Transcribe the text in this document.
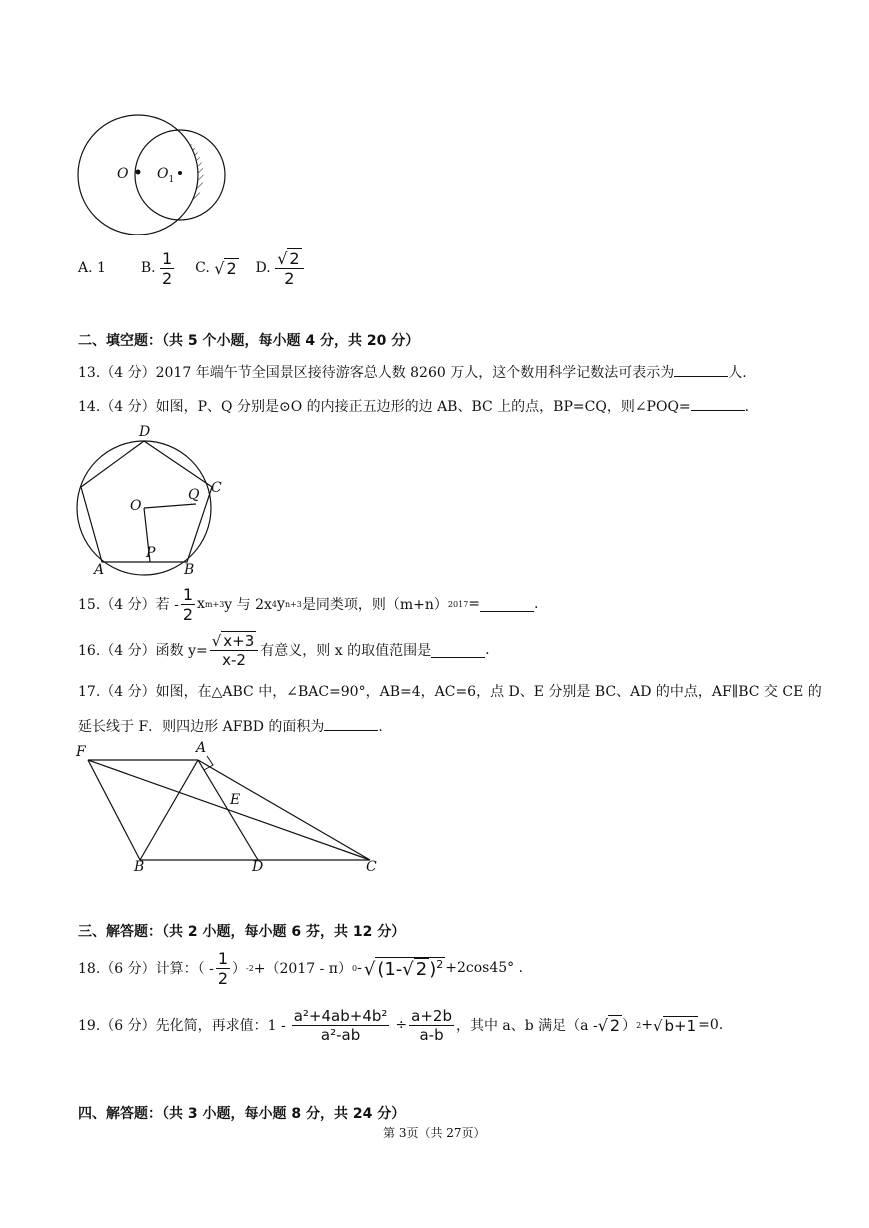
O $O_1$
A. 1 B. $\frac{1}{2} C$. √ 2 D. $\frac{√ 2}{2}$
二、填空题：（共 5 个小题，每小题 4 分，共 20 分）
13.（4 分）2017 年端午节全国景区接待游客总人数 8260 万人，这个数用科学记数法可表示为	人.
14.（4 分）如图，P、Q 分别是⊙O 的内接正五边形的边 AB、BC 上的点，BP=CQ，则∠POQ=	.
D
C
Q
O
P
A	B
15.（4 分）若 - $\frac{1}{2}$ x m+3 y 与 2x 4 y n+3 是同类项，则（m+n） 2017 =	.
16.（4 分）函数 $y= \frac{√ x+3}{x-2}$ 有意义，则 x 的取值范围是	.
17.（4 分）如图，在△ABC 中，∠BAC=90°，AB=4，AC=6，点 D、E 分别是 BC、AD 的中点，AF∥BC 交 CE 的
延长线于 F．则四边形 AFBD 的面积为	.
F	A
E
B	D	C
三、解答题：（共 2 小题，每小题 6 芬，共 12 分）
18.（6 分）计算：（ - $\frac{1}{2}$ ） -2 +（2017 - π） 0 - √ (1-√ 2 )$^2$ +2cos45° .
19.（6 分）先化简，再求值：$1 - \frac{\text{a²+4ab+4b²}}{\text{a²-ab}} \div \frac{a+2b}{a-b}$ ，其中 a、b 满足（a - √ 2 ） 2 + √ b+1 =0.
四、解答题：（共 3 小题，每小题 8 分，共 24 分）
第 3页（共 27页）
